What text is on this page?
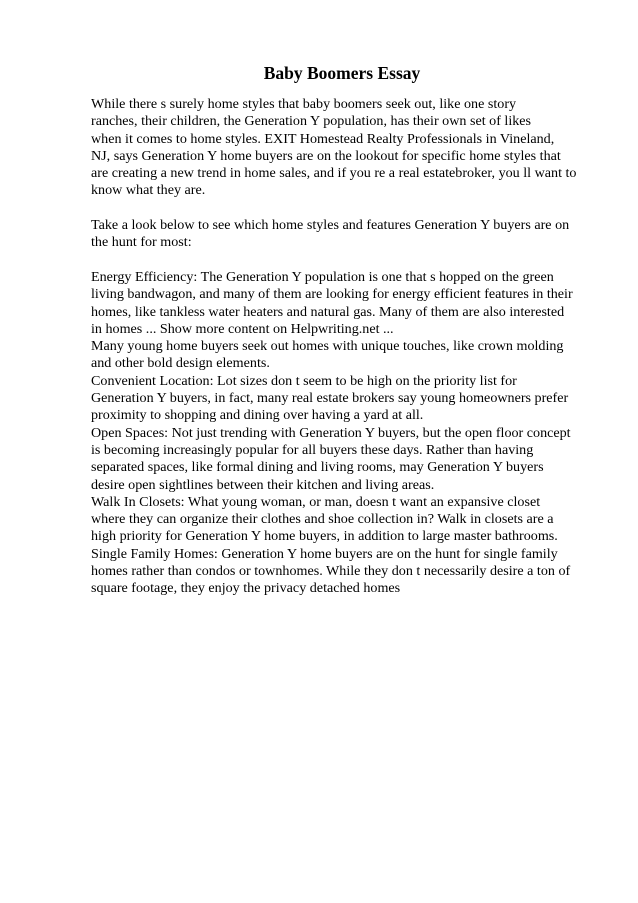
Baby Boomers Essay
While there s surely home styles that baby boomers seek out, like one story
ranches, their children, the Generation Y population, has their own set of likes
when it comes to home styles. EXIT Homestead Realty Professionals in Vineland,
NJ, says Generation Y home buyers are on the lookout for specific home styles that
are creating a new trend in home sales, and if you re a real estatebroker, you ll want to
know what they are.
Take a look below to see which home styles and features Generation Y buyers are on
the hunt for most:
Energy Efficiency: The Generation Y population is one that s hopped on the green
living bandwagon, and many of them are looking for energy efficient features in their
homes, like tankless water heaters and natural gas. Many of them are also interested
in homes ... Show more content on Helpwriting.net ...
Many young home buyers seek out homes with unique touches, like crown molding
and other bold design elements.
Convenient Location: Lot sizes don t seem to be high on the priority list for
Generation Y buyers, in fact, many real estate brokers say young homeowners prefer
proximity to shopping and dining over having a yard at all.
Open Spaces: Not just trending with Generation Y buyers, but the open floor concept
is becoming increasingly popular for all buyers these days. Rather than having
separated spaces, like formal dining and living rooms, may Generation Y buyers
desire open sightlines between their kitchen and living areas.
Walk In Closets: What young woman, or man, doesn t want an expansive closet
where they can organize their clothes and shoe collection in? Walk in closets are a
high priority for Generation Y home buyers, in addition to large master bathrooms.
Single Family Homes: Generation Y home buyers are on the hunt for single family
homes rather than condos or townhomes. While they don t necessarily desire a ton of
square footage, they enjoy the privacy detached homes
